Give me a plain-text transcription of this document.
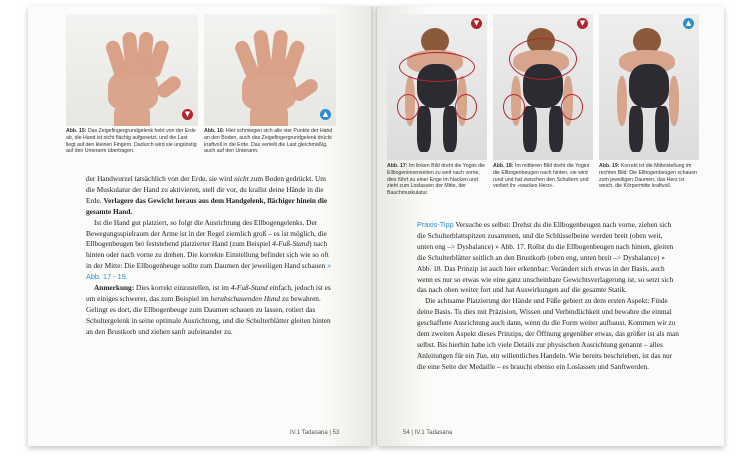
▼
Abb. 15: Das Zeigefingergrundgelenk hebt von der Erde ab, die Hand ist nicht flächig aufgesetzt, und die Last liegt auf den kleinen Fingern. Dadurch wird sie ungünstig auf den Unterarm übertragen.
▲
Abb. 16: Hier schmiegen sich alle vier Punkte der Hand an den Boden, auch das Zeigefingergrundgelenk drückt kraftvoll in die Erde. Das verteilt die Last gleichmäßig, auch auf den Unterarm.

der Handwurzel tatsächlich von der Erde, sie wird nicht zum Boden gedrückt. Um die Muskulatur der Hand zu aktivieren, stell dir vor, du krallst deine Hände in die Erde. Verlagere das Gewicht heraus aus dem Handgelenk, flächiger hinein die gesamte Hand.

Ist die Hand gut platziert, so folgt die Ausrichtung des Ellbogengelenks. Der Bewegungsspielraum der Arme ist in der Regel ziemlich groß – es ist möglich, die Ellbogenbeugen bei feststehend platzierter Hand (zum Beispiel 4-Fuß-Stand) nach hinten oder nach vorne zu drehen. Die korrekte Einstellung befindet sich wie so oft in der Mitte: Die Ellbogenbeuge sollte zum Daumen der jeweiligen Hand schauen » Abb. 17 - 19.

Anmerkung: Dies korrekt einzustellen, ist im 4-Fuß-Stand einfach, jedoch ist es um einiges schwerer, das zum Beispiel im herabschauenden Hund zu bewahren. Gelingt es dort, die Ellbogenbeuge zum Daumen schauen zu lassen, rotiert das Schultergelenk in seine optimale Ausrichtung, und die Schulterblätter gleiten hinten an den Brustkorb und ziehen sanft aufeinander zu.

IV.1 Tadasana | 53
▼
Abb. 17: Im linken Bild dreht die Yogini die Ellbogeninnenseiten zu weit nach vorne, dies führt zu einer Enge im Nacken und zieht zum Loslassen der Mitte, der Bauchmuskulatur.
▼
Abb. 18: Im mittleren Bild dreht die Yogini die Ellbogenbeugen nach hinten, sie wird rund und hat zwischen den Schultern und verliert ihr »wackes Herz«.
▲
Abb. 19: Korrekt ist die Mittelstellung im rechten Bild: Die Ellbogenbeugen schauen zum jeweiligen Daumen, das Herz ist weich, die Körpermitte kraftvoll.

Praxis-Tipp Versuche es selbst: Drehst du die Ellbogenbeugen nach vorne, ziehen sich die Schulterblattspitzen zusammen, und die Schlüsselbeine werden breit (oben weit, unten eng –> Dysbalance) » Abb. 17. Rollst du die Ellbogenbeugen nach hinten, gleiten die Schulterblätter seitlich an den Brustkorb (oben eng, unten breit –> Dysbalance) » Abb. 18. Das Prinzip ist auch hier erkennbar: Verändert sich etwas in der Basis, auch wenn es nur so etwas wie eine ganz unscheinbare Gewichtsverlagerung ist, so setzt sich das nach oben weiter fort und hat Auswirkungen auf die gesamte Statik.

Die achtsame Platzierung der Hände und Füße gebiert zu dem ersten Aspekt: Finde deine Basis. Tu dies mit Präzision, Wissen und Verbindlichkeit und bewahre die einmal geschaffene Ausrichtung auch dann, wenn du die Form weiter aufbaust. Kommen wir zu dem zweiten Aspekt dieses Prinzips, der Öffnung gegenüber etwas, das größer ist als man selbst. Bis hierhin habe ich viele Details zur physischen Ausrichtung genannt – alles Anleitungen für ein Tun, ein willentliches Handeln. Wie bereits beschrieben, ist das nur die eine Seite der Medaille – es braucht ebenso ein Loslassen und Sanftwerden.

54 | IV.1 Tadasana
